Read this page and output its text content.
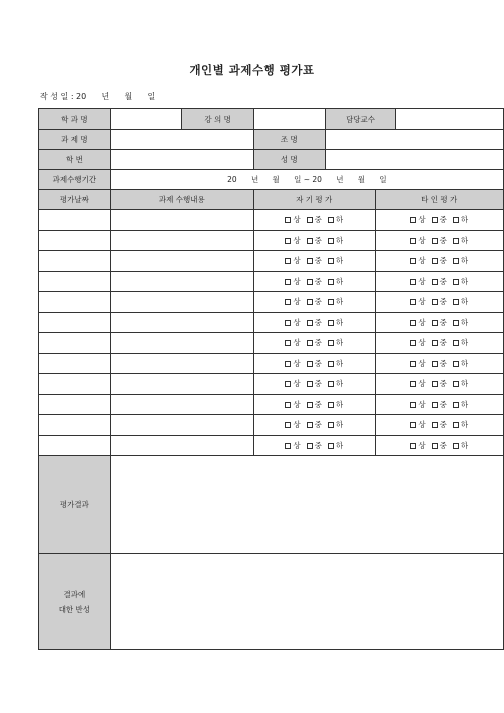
개인별 과제수행 평가표
작 성 일 : 20      년      월      일
학 과 명		강 의 명		담당교수		
과 제 명			조 명			
학 번			성 명			
과제수행기간	20      년      월      일 ~ 20      년      월      일					
평가날짜	과제 수행내용		자 기 평 가		타 인 평 가	
			상 중 하		상 중 하	
			상 중 하		상 중 하	
			상 중 하		상 중 하	
			상 중 하		상 중 하	
			상 중 하		상 중 하	
			상 중 하		상 중 하	
			상 중 하		상 중 하	
			상 중 하		상 중 하	
			상 중 하		상 중 하	
			상 중 하		상 중 하	
			상 중 하		상 중 하	
			상 중 하		상 중 하	
평가결과						

결과에
대한 반성						
